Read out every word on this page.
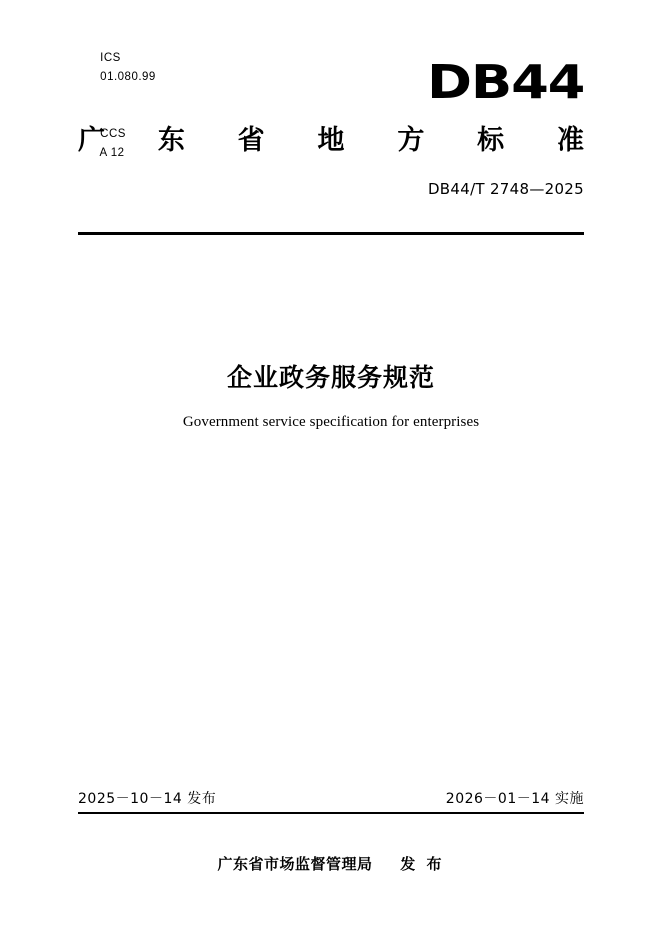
ICS
01.080.99

CCS
A 12

DB44
广 东 省 地 方 标 准
DB44/T 2748—2025
企业政务服务规范
Government service specification for enterprises
2025－10－14 发布	2026－01－14 实施
广东省市场监督管理局 发 布
